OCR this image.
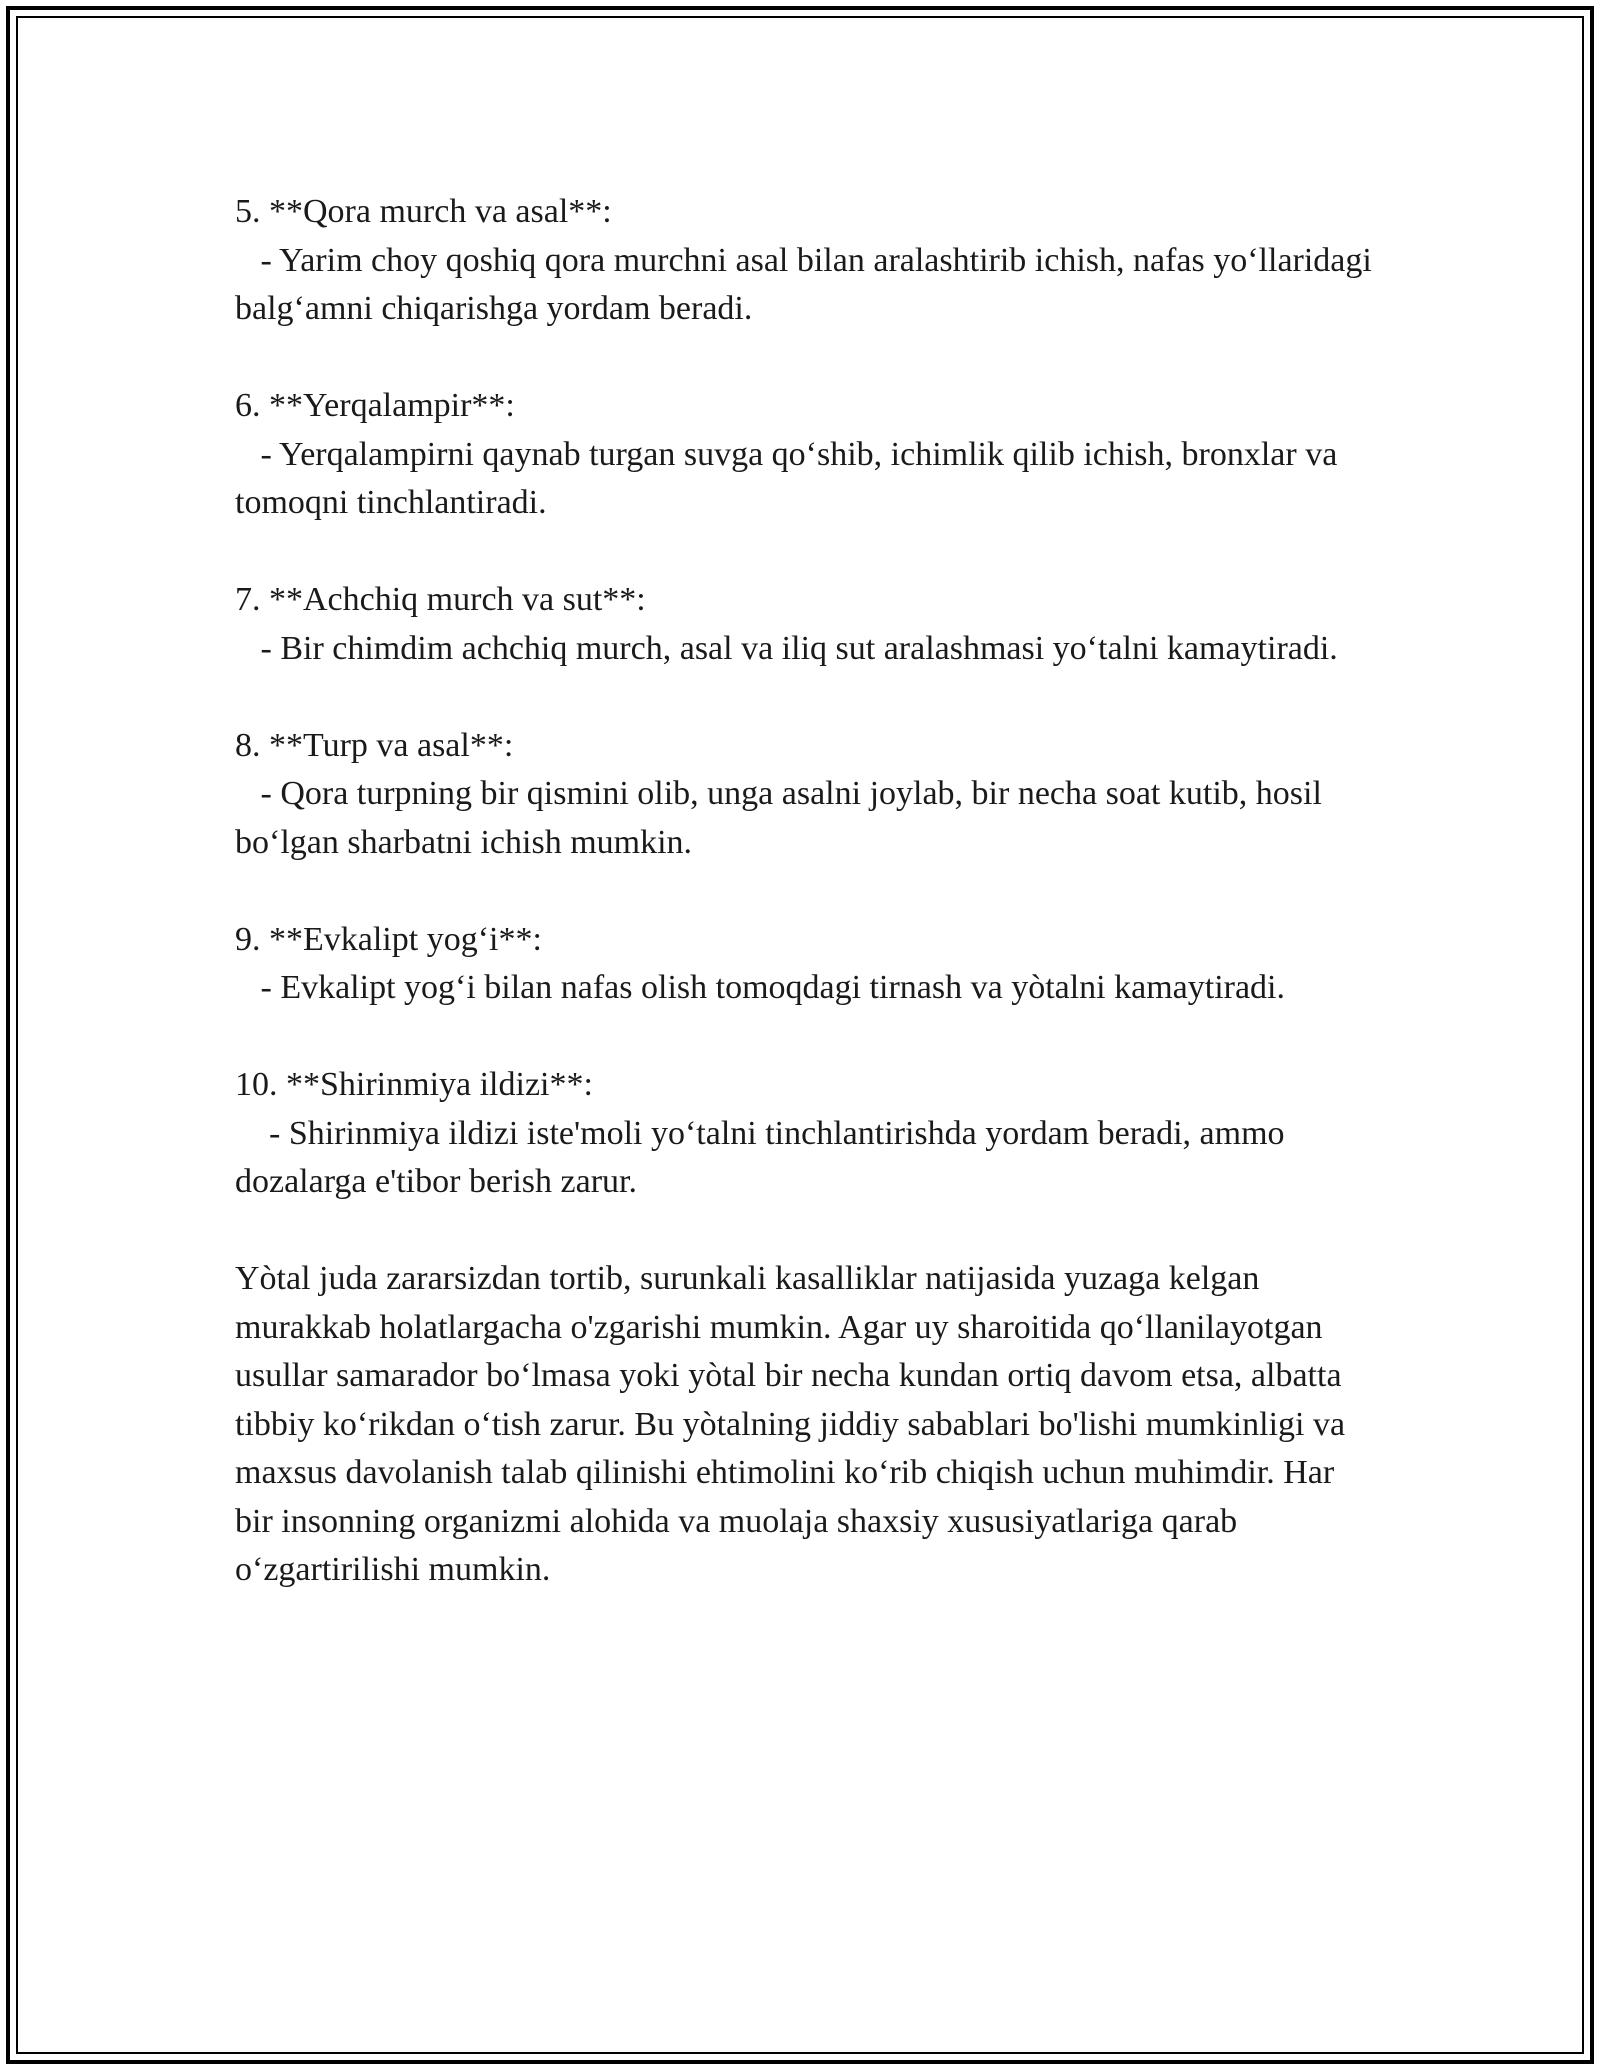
5. **Qora murch va asal**:

- Yarim choy qoshiq qora murchni asal bilan aralashtirib ichish, nafas yo‘llaridagi balg‘amni chiqarishga yordam beradi.

6. **Yerqalampir**:

- Yerqalampirni qaynab turgan suvga qo‘shib, ichimlik qilib ichish, bronxlar va tomoqni tinchlantiradi.

7. **Achchiq murch va sut**:

- Bir chimdim achchiq murch, asal va iliq sut aralashmasi yo‘talni kamaytiradi.

8. **Turp va asal**:

- Qora turpning bir qismini olib, unga asalni joylab, bir necha soat kutib, hosil bo‘lgan sharbatni ichish mumkin.

9. **Evkalipt yog‘i**:

- Evkalipt yog‘i bilan nafas olish tomoqdagi tirnash va yòtalni kamaytiradi.

10. **Shirinmiya ildizi**:

- Shirinmiya ildizi iste'moli yo‘talni tinchlantirishda yordam beradi, ammo dozalarga e'tibor berish zarur.

Yòtal juda zararsizdan tortib, surunkali kasalliklar natijasida yuzaga kelgan murakkab holatlargacha o'zgarishi mumkin. Agar uy sharoitida qo‘llanilayotgan usullar samarador bo‘lmasa yoki yòtal bir necha kundan ortiq davom etsa, albatta tibbiy ko‘rikdan o‘tish zarur. Bu yòtalning jiddiy sabablari bo'lishi mumkinligi va maxsus davolanish talab qilinishi ehtimolini ko‘rib chiqish uchun muhimdir. Har bir insonning organizmi alohida va muolaja shaxsiy xususiyatlariga qarab o‘zgartirilishi mumkin.
